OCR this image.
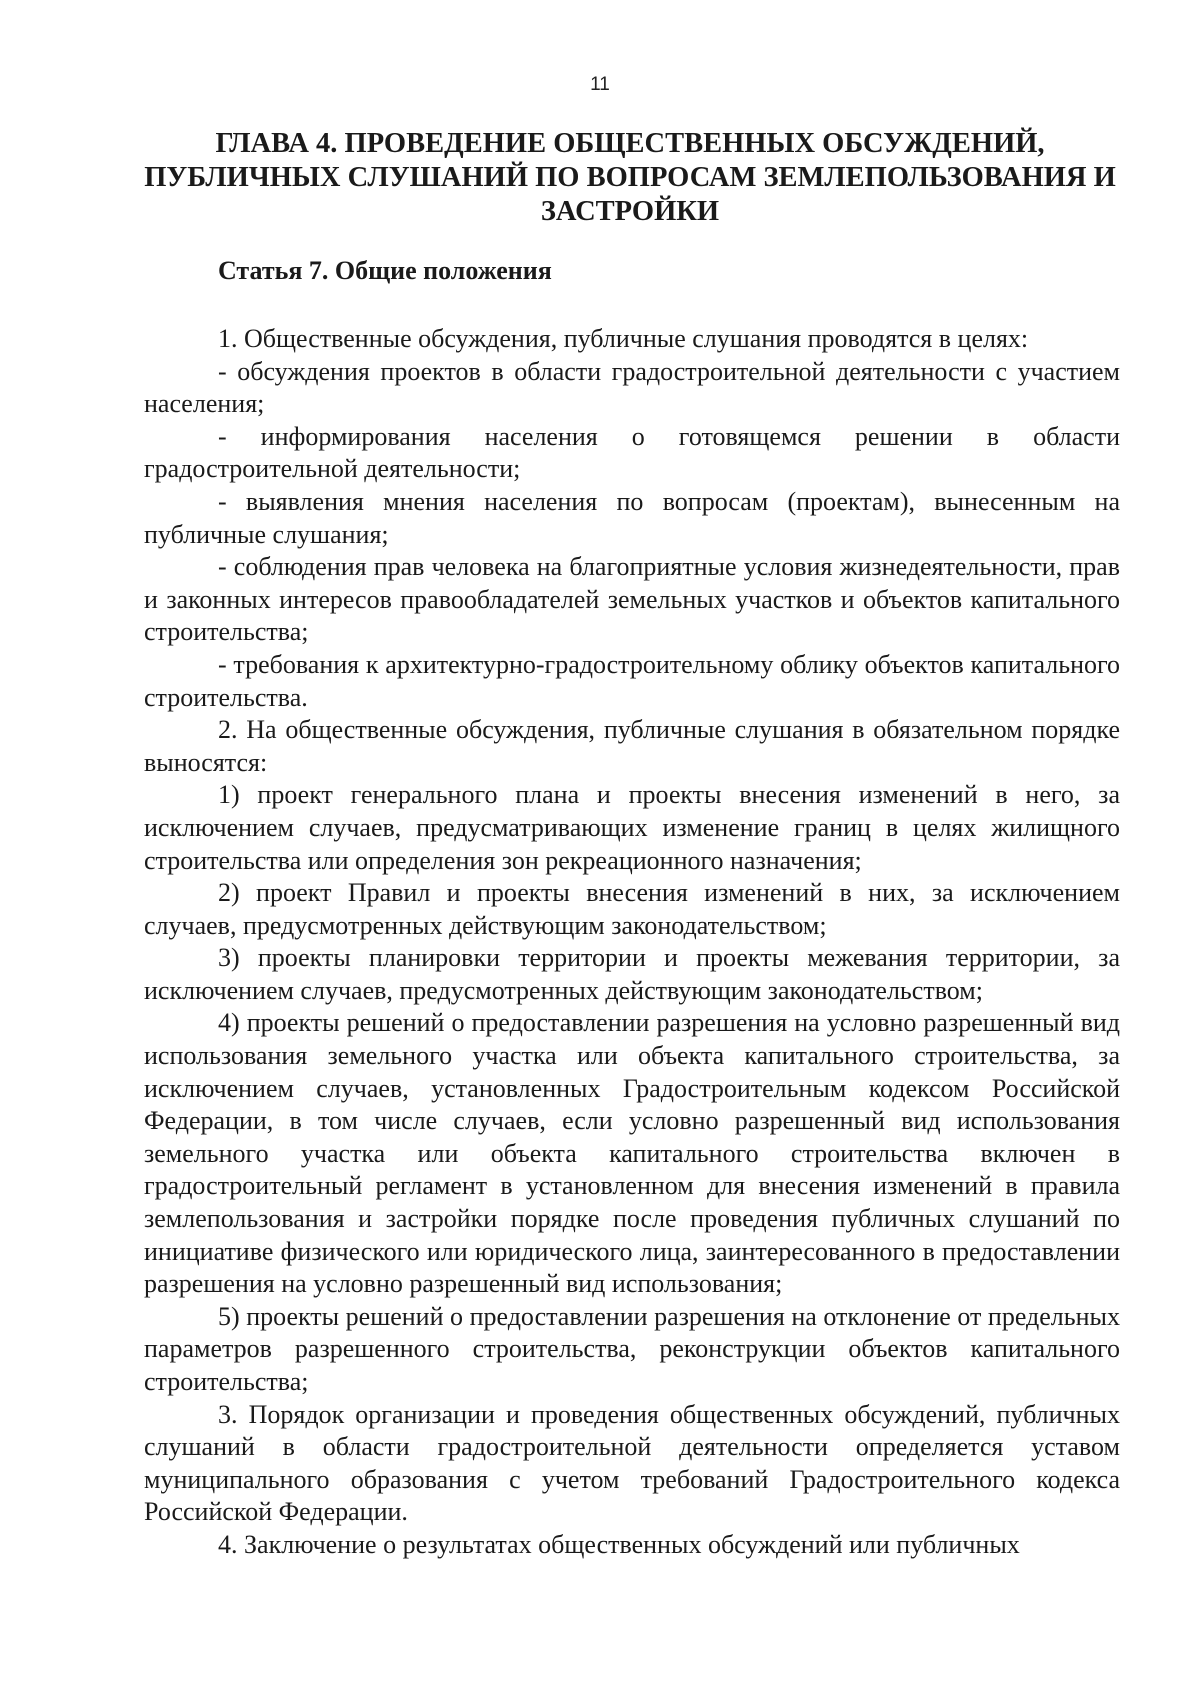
11
ГЛАВА 4. ПРОВЕДЕНИЕ ОБЩЕСТВЕННЫХ ОБСУЖДЕНИЙ,
ПУБЛИЧНЫХ СЛУШАНИЙ ПО ВОПРОСАМ ЗЕМЛЕПОЛЬЗОВАНИЯ И
ЗАСТРОЙКИ
Статья 7. Общие положения

1. Общественные обсуждения, публичные слушания проводятся в целях:

- обсуждения проектов в области градостроительной деятельности с участием населения;

- информирования населения о готовящемся решении в области градостроительной деятельности;

- выявления мнения населения по вопросам (проектам), вынесенным на публичные слушания;

- соблюдения прав человека на благоприятные условия жизнедеятельности, прав и законных интересов правообладателей земельных участков и объектов капитального строительства;

- требования к архитектурно-градостроительному облику объектов капитального строительства.

2. На общественные обсуждения, публичные слушания в обязательном порядке выносятся:

1) проект генерального плана и проекты внесения изменений в него, за исключением случаев, предусматривающих изменение границ в целях жилищного строительства или определения зон рекреационного назначения;

2) проект Правил и проекты внесения изменений в них, за исключением случаев, предусмотренных действующим законодательством;

3) проекты планировки территории и проекты межевания территории, за исключением случаев, предусмотренных действующим законодательством;

4) проекты решений о предоставлении разрешения на условно разрешенный вид использования земельного участка или объекта капитального строительства, за исключением случаев, установленных Градостроительным кодексом Российской Федерации, в том числе случаев, если условно разрешенный вид использования земельного участка или объекта капитального строительства включен в градостроительный регламент в установленном для внесения изменений в правила землепользования и застройки порядке после проведения публичных слушаний по инициативе физического или юридического лица, заинтересованного в предоставлении разрешения на условно разрешенный вид использования;

5) проекты решений о предоставлении разрешения на отклонение от предельных параметров разрешенного строительства, реконструкции объектов капитального строительства;

3. Порядок организации и проведения общественных обсуждений, публичных слушаний в области градостроительной деятельности определяется уставом муниципального образования с учетом требований Градостроительного кодекса Российской Федерации.

4. Заключение о результатах общественных обсуждений или публичных
